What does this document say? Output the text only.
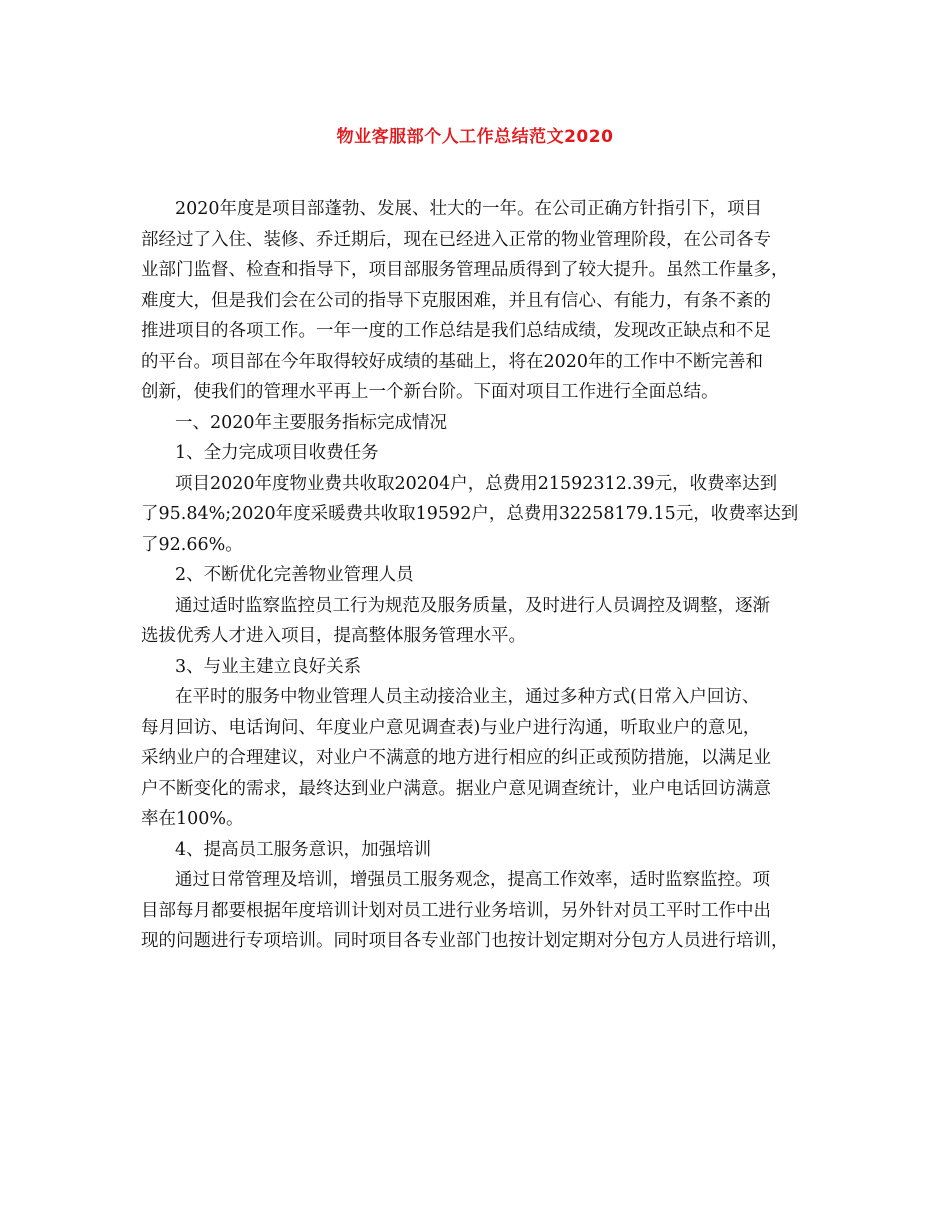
物业客服部个人工作总结范文2020
2020年度是项目部蓬勃、发展、壮大的一年。在公司正确方针指引下，项目
部经过了入住、装修、乔迁期后，现在已经进入正常的物业管理阶段，在公司各专
业部门监督、检查和指导下，项目部服务管理品质得到了较大提升。虽然工作量多，
难度大，但是我们会在公司的指导下克服困难，并且有信心、有能力，有条不紊的
推进项目的各项工作。一年一度的工作总结是我们总结成绩，发现改正缺点和不足
的平台。项目部在今年取得较好成绩的基础上，将在2020年的工作中不断完善和
创新，使我们的管理水平再上一个新台阶。下面对项目工作进行全面总结。
一、2020年主要服务指标完成情况
1、全力完成项目收费任务
项目2020年度物业费共收取20204户，总费用21592312.39元，收费率达到
了95.84%;2020年度采暖费共收取19592户，总费用32258179.15元，收费率达到
了92.66%。
2、不断优化完善物业管理人员
通过适时监察监控员工行为规范及服务质量，及时进行人员调控及调整，逐渐
选拔优秀人才进入项目，提高整体服务管理水平。
3、与业主建立良好关系
在平时的服务中物业管理人员主动接洽业主，通过多种方式(日常入户回访、
每月回访、电话询问、年度业户意见调查表)与业户进行沟通，听取业户的意见，
采纳业户的合理建议，对业户不满意的地方进行相应的纠正或预防措施，以满足业
户不断变化的需求，最终达到业户满意。据业户意见调查统计，业户电话回访满意
率在100%。
4、提高员工服务意识，加强培训
通过日常管理及培训，增强员工服务观念，提高工作效率，适时监察监控。项
目部每月都要根据年度培训计划对员工进行业务培训，另外针对员工平时工作中出
现的问题进行专项培训。同时项目各专业部门也按计划定期对分包方人员进行培训，
